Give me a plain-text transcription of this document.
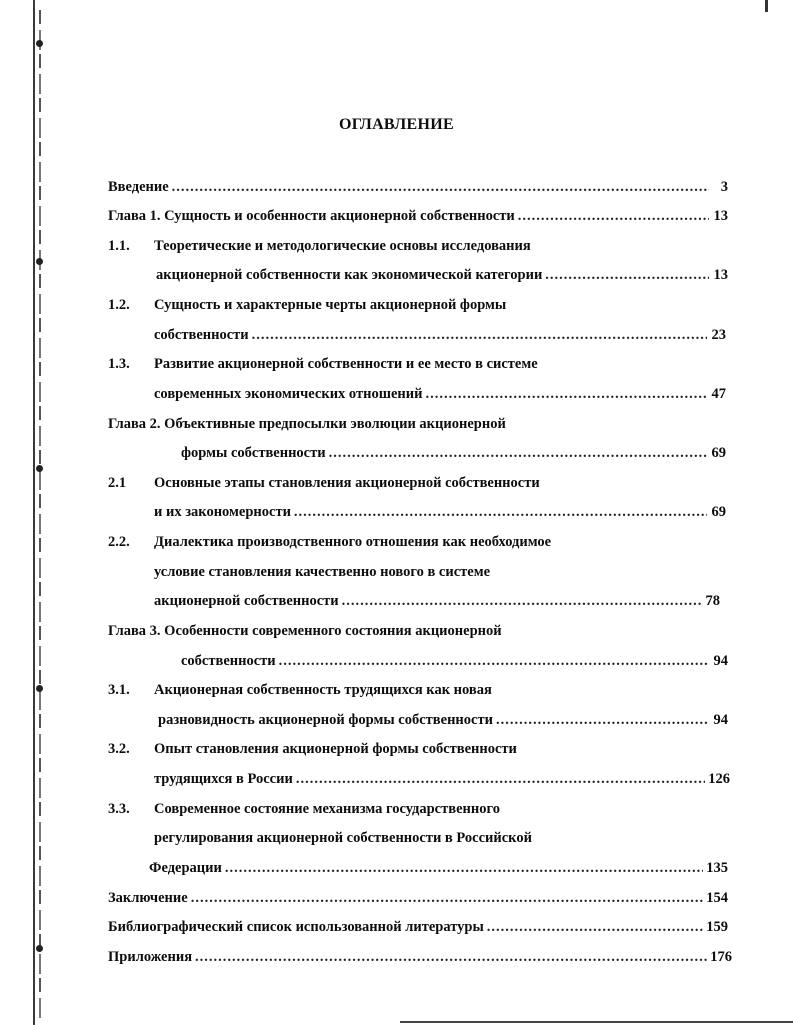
ОГЛАВЛЕНИЕ
Введение .....	3
Глава 1. Сущность и особенности акционерной собственности .....	13
1.1.	Теоретические и методологические основы исследования
акционерной собственности как экономической категории .....	13
1.2.	Сущность и характерные черты акционерной формы
собственности .....	23
1.3.	Развитие акционерной собственности и ее место в системе
современных экономических отношений .....	47
Глава 2. Объективные предпосылки эволюции акционерной
формы собственности .....	69
2.1	Основные этапы становления акционерной собственности
и их закономерности .....	69
2.2.	Диалектика производственного отношения как необходимое
условие становления качественно нового в системе
акционерной собственности .....	78
Глава 3. Особенности современного состояния акционерной
собственности .....	94
3.1.	Акционерная собственность трудящихся как новая
разновидность акционерной формы собственности .....	94
3.2.	Опыт становления акционерной формы собственности
трудящихся в России .....	126
3.3.	Современное состояние механизма государственного
регулирования акционерной собственности в Российской
Федерации .....	135
Заключение .....	154
Библиографический список использованной литературы .....	159
Приложения .....	176
